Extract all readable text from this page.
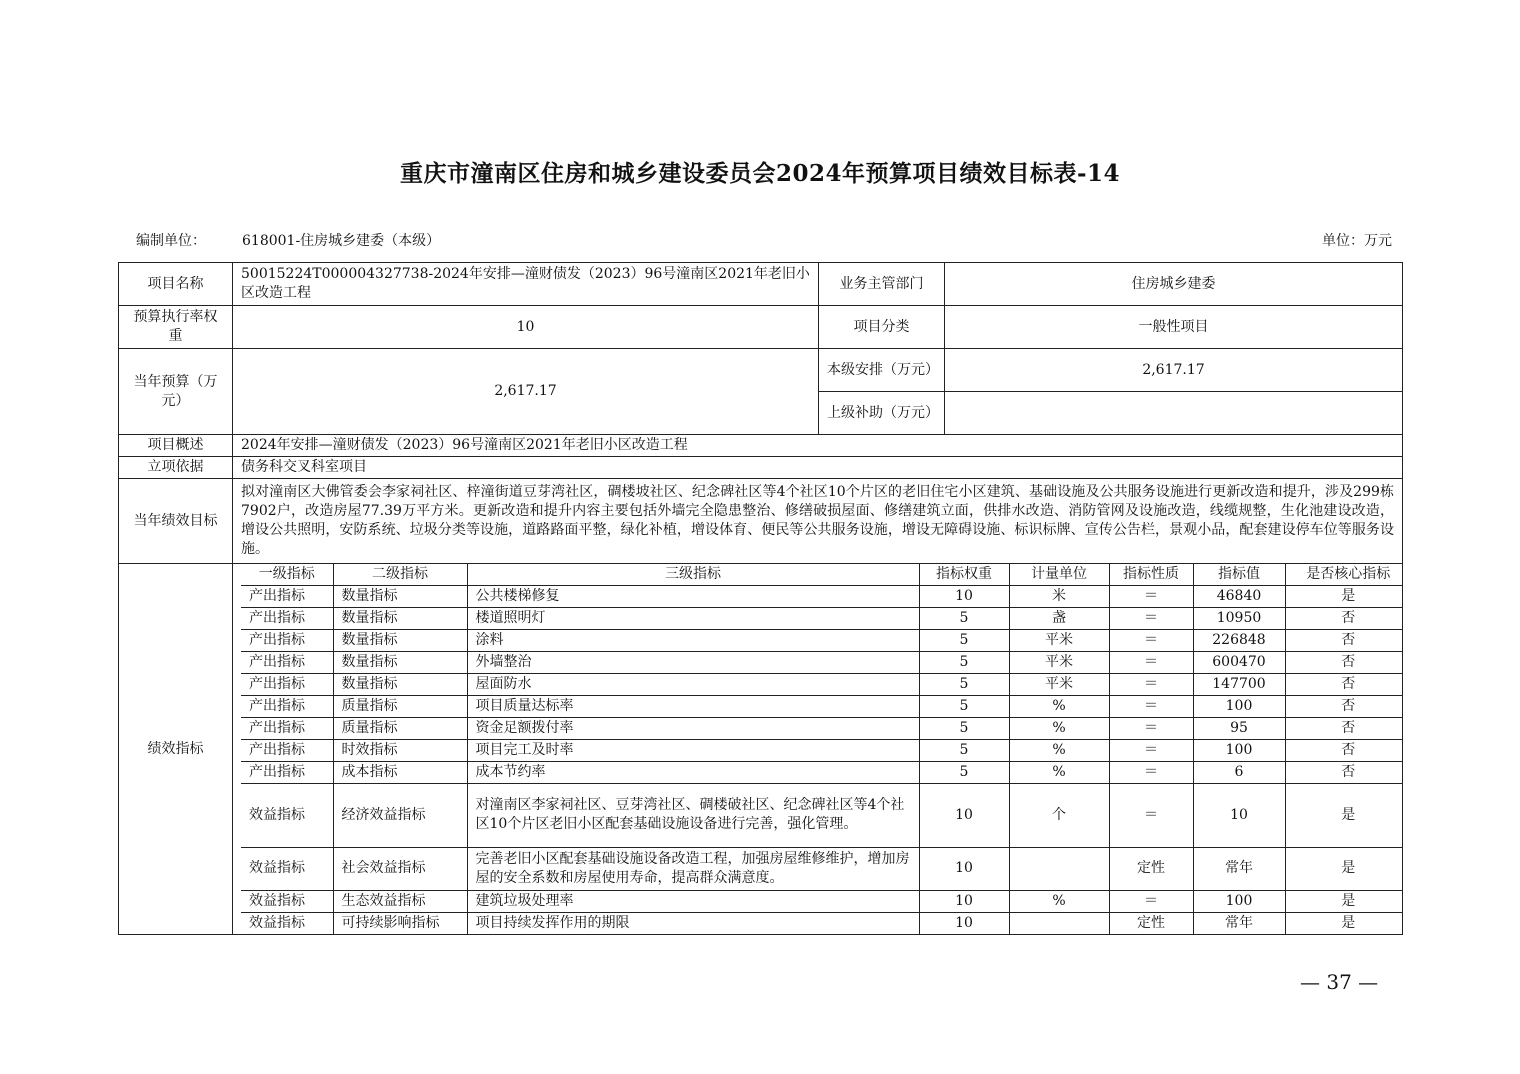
重庆市潼南区住房和城乡建设委员会2024年预算项目绩效目标表-14
编制单位：	618001-住房城乡建委（本级）	单位：万元
项目名称	50015224T000004327738-2024年安排—潼财债发（2023）96号潼南区2021年老旧小区改造工程	业务主管部门	住房城乡建委
预算执行率权重	10	项目分类	一般性项目
当年预算（万元）	2,617.17	本级安排（万元）	2,617.17
上级补助（万元）	
项目概述	2024年安排—潼财债发（2023）96号潼南区2021年老旧小区改造工程
立项依据	债务科交叉科室项目
当年绩效目标	拟对潼南区大佛管委会李家祠社区、梓潼街道豆芽湾社区，碉楼坡社区、纪念碑社区等4个社区10个片区的老旧住宅小区建筑、基础设施及公共服务设施进行更新改造和提升，涉及299栋7902户，改造房屋77.39万平方米。更新改造和提升内容主要包括外墙完全隐患整治、修缮破损屋面、修缮建筑立面，供排水改造、消防管网及设施改造，线缆规整，生化池建设改造，增设公共照明，安防系统、垃圾分类等设施，道路路面平整，绿化补植，增设体育、便民等公共服务设施，增设无障碍设施、标识标牌、宣传公告栏，景观小品，配套建设停车位等服务设施。
绩效指标	
一级指标	二级指标	三级指标	指标权重	计量单位	指标性质	指标值	是否核心指标
产出指标	数量指标	公共楼梯修复	10	米	＝	46840	是
产出指标	数量指标	楼道照明灯	5	盏	＝	10950	否
产出指标	数量指标	涂料	5	平米	＝	226848	否
产出指标	数量指标	外墙整治	5	平米	＝	600470	否
产出指标	数量指标	屋面防水	5	平米	＝	147700	否
产出指标	质量指标	项目质量达标率	5	%	＝	100	否
产出指标	质量指标	资金足额拨付率	5	%	＝	95	否
产出指标	时效指标	项目完工及时率	5	%	＝	100	否
产出指标	成本指标	成本节约率	5	%	＝	6	否
效益指标	经济效益指标	对潼南区李家祠社区、豆芽湾社区、碉楼破社区、纪念碑社区等4个社区10个片区老旧小区配套基础设施设备进行完善，强化管理。	10	个	＝	10	是
效益指标	社会效益指标	完善老旧小区配套基础设施设备改造工程，加强房屋维修维护，增加房屋的安全系数和房屋使用寿命，提高群众满意度。	10		定性	常年	是
效益指标	生态效益指标	建筑垃圾处理率	10	%	＝	100	是
效益指标	可持续影响指标	项目持续发挥作用的期限	10		定性	常年	是
— 37 —
